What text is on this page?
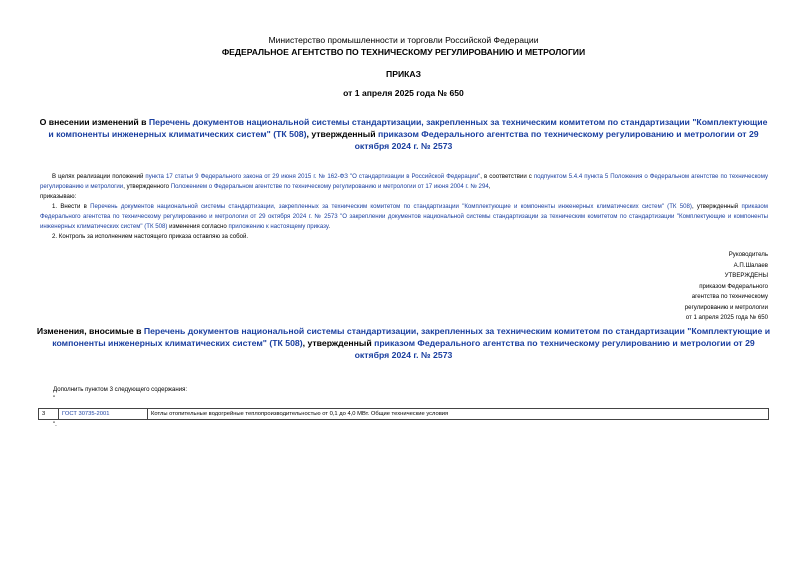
Министерство промышленности и торговли Российской Федерации
ФЕДЕРАЛЬНОЕ АГЕНТСТВО ПО ТЕХНИЧЕСКОМУ РЕГУЛИРОВАНИЮ И МЕТРОЛОГИИ
ПРИКАЗ
от 1 апреля 2025 года № 650
О внесении изменений в Перечень документов национальной системы стандартизации, закрепленных за техническим комитетом по стандартизации "Комплектующие и компоненты инженерных климатических систем" (ТК 508), утвержденный приказом Федерального агентства по техническому регулированию и метрологии от 29 октября 2024 г. № 2573
В целях реализации положений пункта 17 статьи 9 Федерального закона от 29 июня 2015 г. № 162-ФЗ "О стандартизации в Российской Федерации", в соответствии с подпунктом 5.4.4 пункта 5 Положения о Федеральном агентстве по техническому регулированию и метрологии, утвержденного Положением о Федеральном агентстве по техническому регулированию и метрологии от 17 июня 2004 г. № 294,
приказываю:
1. Внести в Перечень документов национальной системы стандартизации, закрепленных за техническим комитетом по стандартизации "Комплектующие и компоненты инженерных климатических систем" (ТК 508), утвержденный приказом Федерального агентства по техническому регулированию и метрологии от 29 октября 2024 г. № 2573 "О закреплении документов национальной системы стандартизации за техническим комитетом по стандартизации "Комплектующие и компоненты инженерных климатических систем" (ТК 508) изменения согласно приложению к настоящему приказу.
2. Контроль за исполнением настоящего приказа оставляю за собой.
Руководитель
А.П.Шалаев
УТВЕРЖДЕНЫ
приказом Федерального
агентства по техническому
регулированию и метрологии
от 1 апреля 2025 года № 650
Изменения, вносимые в Перечень документов национальной системы стандартизации, закрепленных за техническим комитетом по стандартизации "Комплектующие и компоненты инженерных климатических систем" (ТК 508), утвержденный приказом Федерального агентства по техническому регулированию и метрологии от 29 октября 2024 г. № 2573
Дополнить пунктом 3 следующего содержания:
"
3	ГОСТ 30735-2001	Котлы отопительные водогрейные теплопроизводительностью от 0,1 до 4,0 МВт. Общие технические условия
".
